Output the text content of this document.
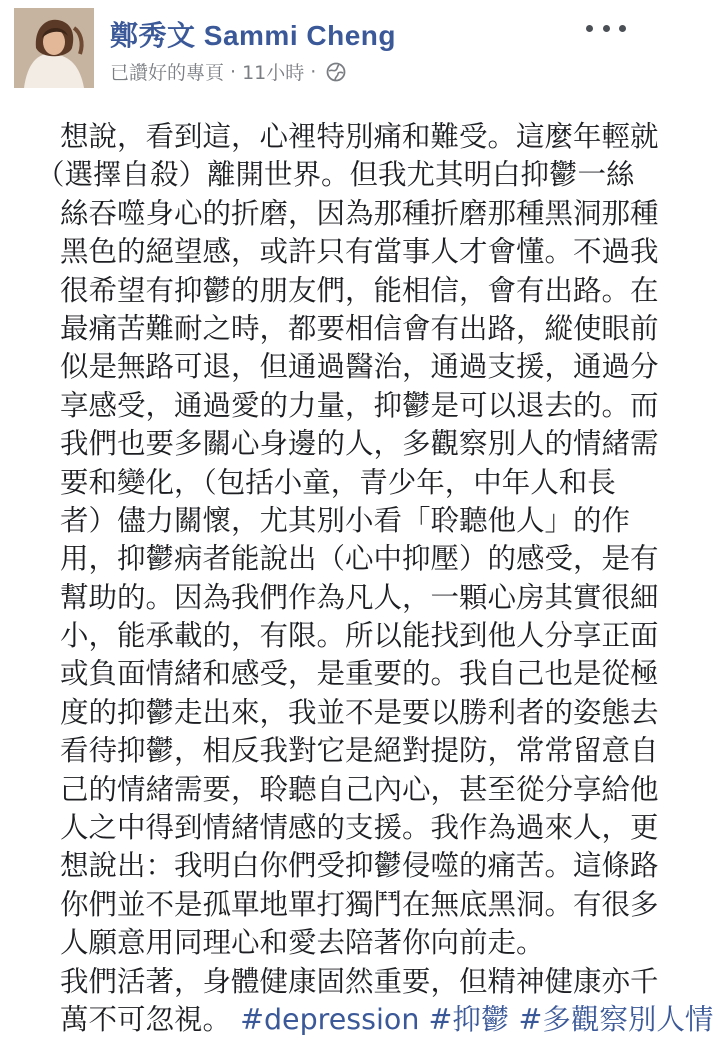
鄭秀文 Sammi Cheng
已讚好的專頁 · 11小時 ·
想說，看到這，心裡特別痛和難受。這麼年輕就
（選擇自殺）離開世界。但我尤其明白抑鬱一絲
絲吞噬身心的折磨，因為那種折磨那種黑洞那種
黑色的絕望感，或許只有當事人才會懂。不過我
很希望有抑鬱的朋友們，能相信，會有出路。在
最痛苦難耐之時，都要相信會有出路，縱使眼前
似是無路可退，但通過醫治，通過支援，通過分
享感受，通過愛的力量，抑鬱是可以退去的。而
我們也要多關心身邊的人，多觀察別人的情緒需
要和變化，（包括小童，青少年，中年人和長
者）儘力關懷，尤其別小看「聆聽他人」的作
用，抑鬱病者能說出（心中抑壓）的感受，是有
幫助的。因為我們作為凡人，一顆心房其實很細
小，能承載的，有限。所以能找到他人分享正面
或負面情緒和感受，是重要的。我自己也是從極
度的抑鬱走出來，我並不是要以勝利者的姿態去
看待抑鬱，相反我對它是絕對提防，常常留意自
己的情緒需要，聆聽自己內心，甚至從分享給他
人之中得到情緒情感的支援。我作為過來人，更
想說出：我明白你們受抑鬱侵噬的痛苦。這條路
你們並不是孤單地單打獨鬥在無底黑洞。有很多
人願意用同理心和愛去陪著你向前走。
我們活著，身體健康固然重要，但精神健康亦千
萬不可忽視。 #depression #抑鬱 #多觀察別人情
